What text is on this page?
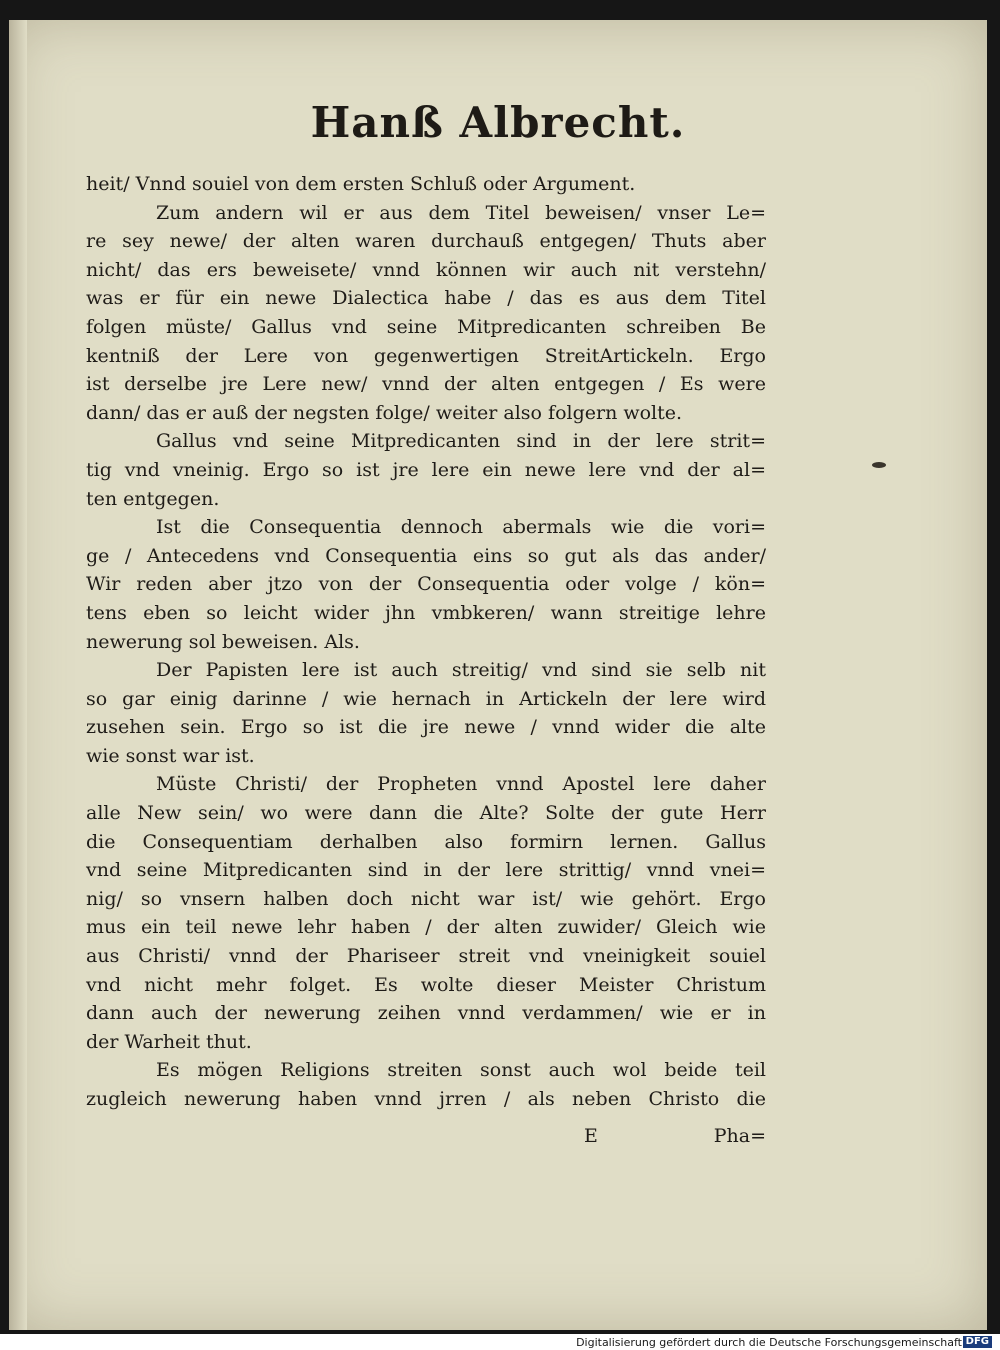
Hanß Albrecht.
heit/ Vnnd souiel von dem ersten Schluß oder Argument.
Zum andern wil er aus dem Titel beweisen/ vnser Le=
re sey newe/ der alten waren durchauß entgegen/ Thuts aber
nicht/ das ers beweisete/ vnnd können wir auch nit verstehn/
was er für ein newe Dialectica habe / das es aus dem Titel
folgen müste/ Gallus vnd seine Mitpredicanten schreiben Be
kentniß der Lere von gegenwertigen StreitArtickeln. Ergo
ist derselbe jre Lere new/ vnnd der alten entgegen / Es were
dann/ das er auß der negsten folge/ weiter also folgern wolte.
Gallus vnd seine Mitpredicanten sind in der lere strit=
tig vnd vneinig. Ergo so ist jre lere ein newe lere vnd der al=
ten entgegen.
Ist die Consequentia dennoch abermals wie die vori=
ge / Antecedens vnd Consequentia eins so gut als das ander/
Wir reden aber jtzo von der Consequentia oder volge / kön=
tens eben so leicht wider jhn vmbkeren/ wann streitige lehre
newerung sol beweisen. Als.
Der Papisten lere ist auch streitig/ vnd sind sie selb nit
so gar einig darinne / wie hernach in Artickeln der lere wird
zusehen sein. Ergo so ist die jre newe / vnnd wider die alte
wie sonst war ist.
Müste Christi/ der Propheten vnnd Apostel lere daher
alle New sein/ wo were dann die Alte? Solte der gute Herr
die Consequentiam derhalben also formirn lernen. Gallus
vnd seine Mitpredicanten sind in der lere strittig/ vnnd vnei=
nig/ so vnsern halben doch nicht war ist/ wie gehört. Ergo
mus ein teil newe lehr haben / der alten zuwider/ Gleich wie
aus Christi/ vnnd der Phariseer streit vnd vneinigkeit souiel
vnd nicht mehr folget. Es wolte dieser Meister Christum
dann auch der newerung zeihen vnnd verdammen/ wie er in
der Warheit thut.
Es mögen Religions streiten sonst auch wol beide teil
zugleich newerung haben vnnd jrren / als neben Christo die
E	Pha=
Digitalisierung gefördert durch die Deutsche Forschungsgemeinschaft DFG
